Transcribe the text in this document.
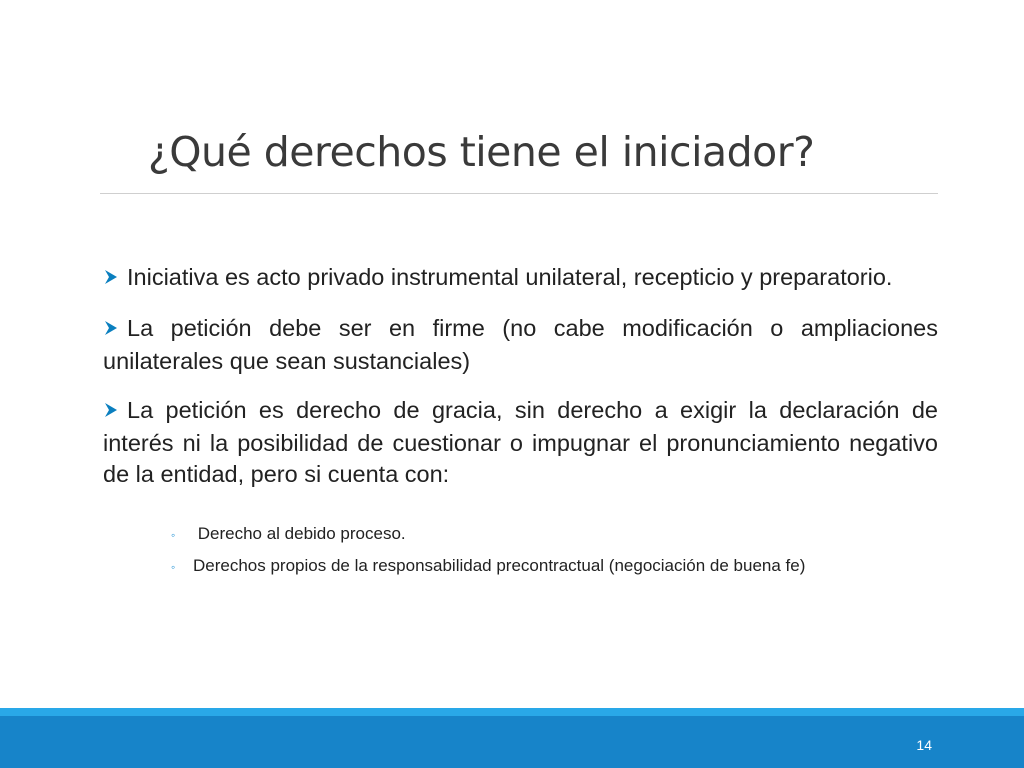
¿Qué derechos tiene el iniciador?
Iniciativa es acto privado instrumental unilateral, recepticio y preparatorio.
La petición debe ser en firme (no cabe modificación o ampliaciones unilaterales que sean sustanciales)
La petición es derecho de gracia, sin derecho a exigir la declaración de interés ni la posibilidad de cuestionar o impugnar el pronunciamiento negativo de la entidad, pero si cuenta con:
◦ Derecho al debido proceso.
◦ Derechos propios de la responsabilidad precontractual (negociación de buena fe)
14
